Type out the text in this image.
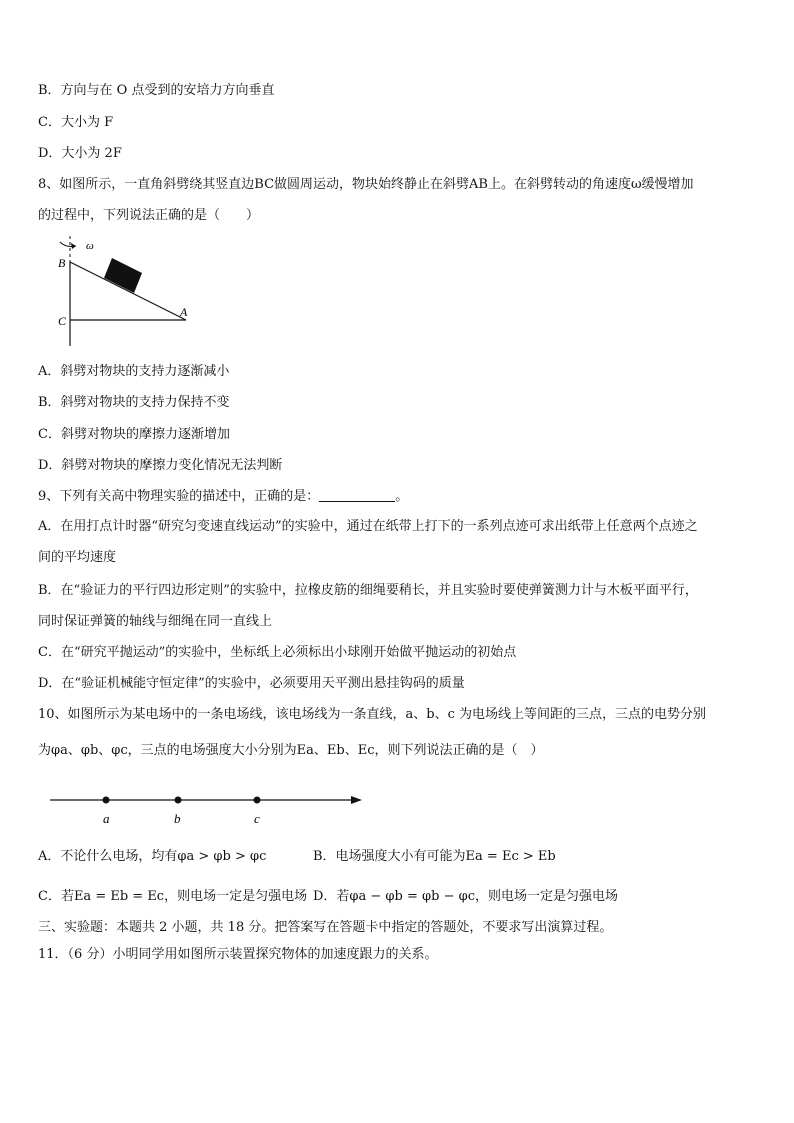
B．方向与在 O 点受到的安培力方向垂直
C．大小为 F
D．大小为 2F
8、如图所示，一直角斜劈绕其竖直边BC做圆周运动，物块始终静止在斜劈AB上。在斜劈转动的角速度ω缓慢增加
的过程中，下列说法正确的是（　　）
B
C
A
ω
A．斜劈对物块的支持力逐渐减小
B．斜劈对物块的支持力保持不变
C．斜劈对物块的摩擦力逐渐增加
D．斜劈对物块的摩擦力变化情况无法判断
9、下列有关高中物理实验的描述中，正确的是：	。
A．在用打点计时器“研究匀变速直线运动”的实验中，通过在纸带上打下的一系列点迹可求出纸带上任意两个点迹之
间的平均速度
B．在“验证力的平行四边形定则”的实验中，拉橡皮筋的细绳要稍长，并且实验时要使弹簧测力计与木板平面平行，
同时保证弹簧的轴线与细绳在同一直线上
C．在“研究平抛运动”的实验中，坐标纸上必须标出小球刚开始做平抛运动的初始点
D．在“验证机械能守恒定律”的实验中，必须要用天平测出悬挂钩码的质量
10、如图所示为某电场中的一条电场线，该电场线为一条直线，a、b、c 为电场线上等间距的三点，三点的电势分别
为φa、φb、φc，三点的电场强度大小分别为Ea、Eb、Ec，则下列说法正确的是（　）
a	b	c
A．不论什么电场，均有φa > φb > φc	B．电场强度大小有可能为Ea = Ec > Eb
C．若Ea = Eb = Ec，则电场一定是匀强电场 D．若φa − φb = φb − φc，则电场一定是匀强电场
三、实验题：本题共 2 小题，共 18 分。把答案写在答题卡中指定的答题处，不要求写出演算过程。
11．（6 分）小明同学用如图所示装置探究物体的加速度跟力的关系。
